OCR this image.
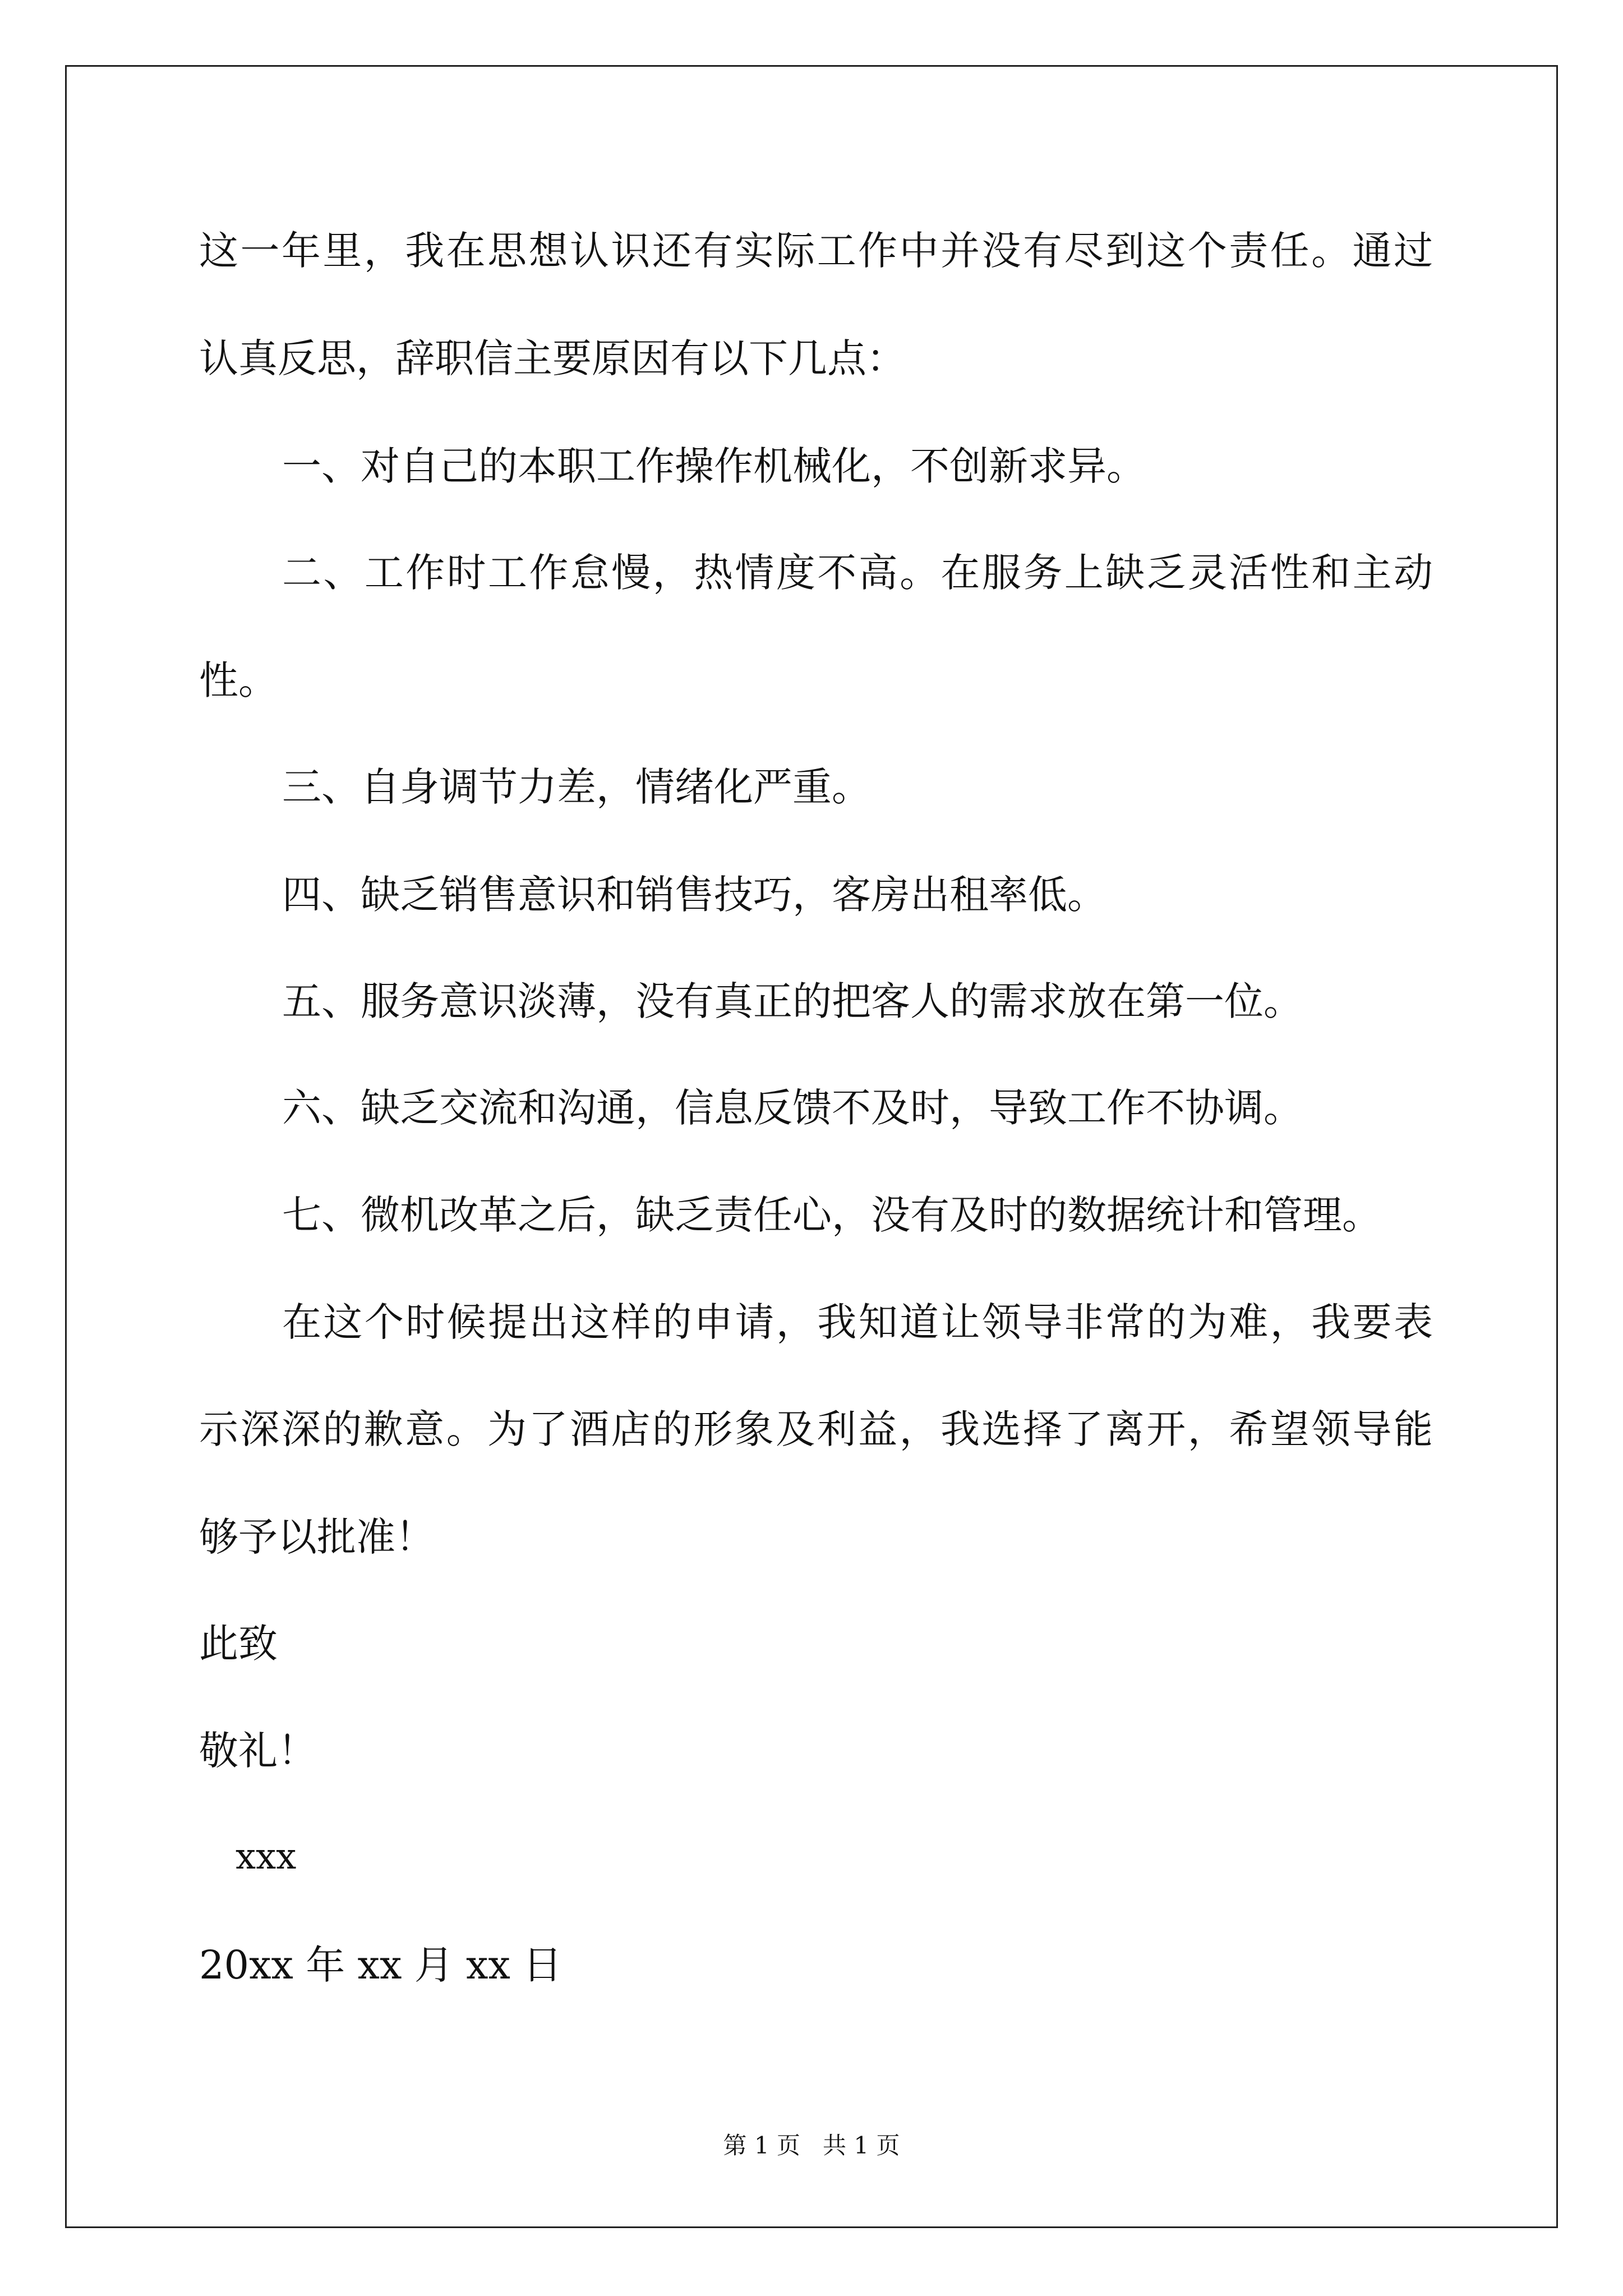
这一年里，我在思想认识还有实际工作中并没有尽到这个责任。通过
认真反思，辞职信主要原因有以下几点：
一、对自己的本职工作操作机械化，不创新求异。
二、工作时工作怠慢，热情度不高。在服务上缺乏灵活性和主动
性。
三、自身调节力差，情绪化严重。
四、缺乏销售意识和销售技巧，客房出租率低。
五、服务意识淡薄，没有真正的把客人的需求放在第一位。
六、缺乏交流和沟通，信息反馈不及时，导致工作不协调。
七、微机改革之后，缺乏责任心，没有及时的数据统计和管理。
在这个时候提出这样的申请，我知道让领导非常的为难，我要表
示深深的歉意。为了酒店的形象及利益，我选择了离开，希望领导能
够予以批准！
此致
敬礼！
xxx
20xx 年 xx 月 xx 日
第 1 页   共 1 页
